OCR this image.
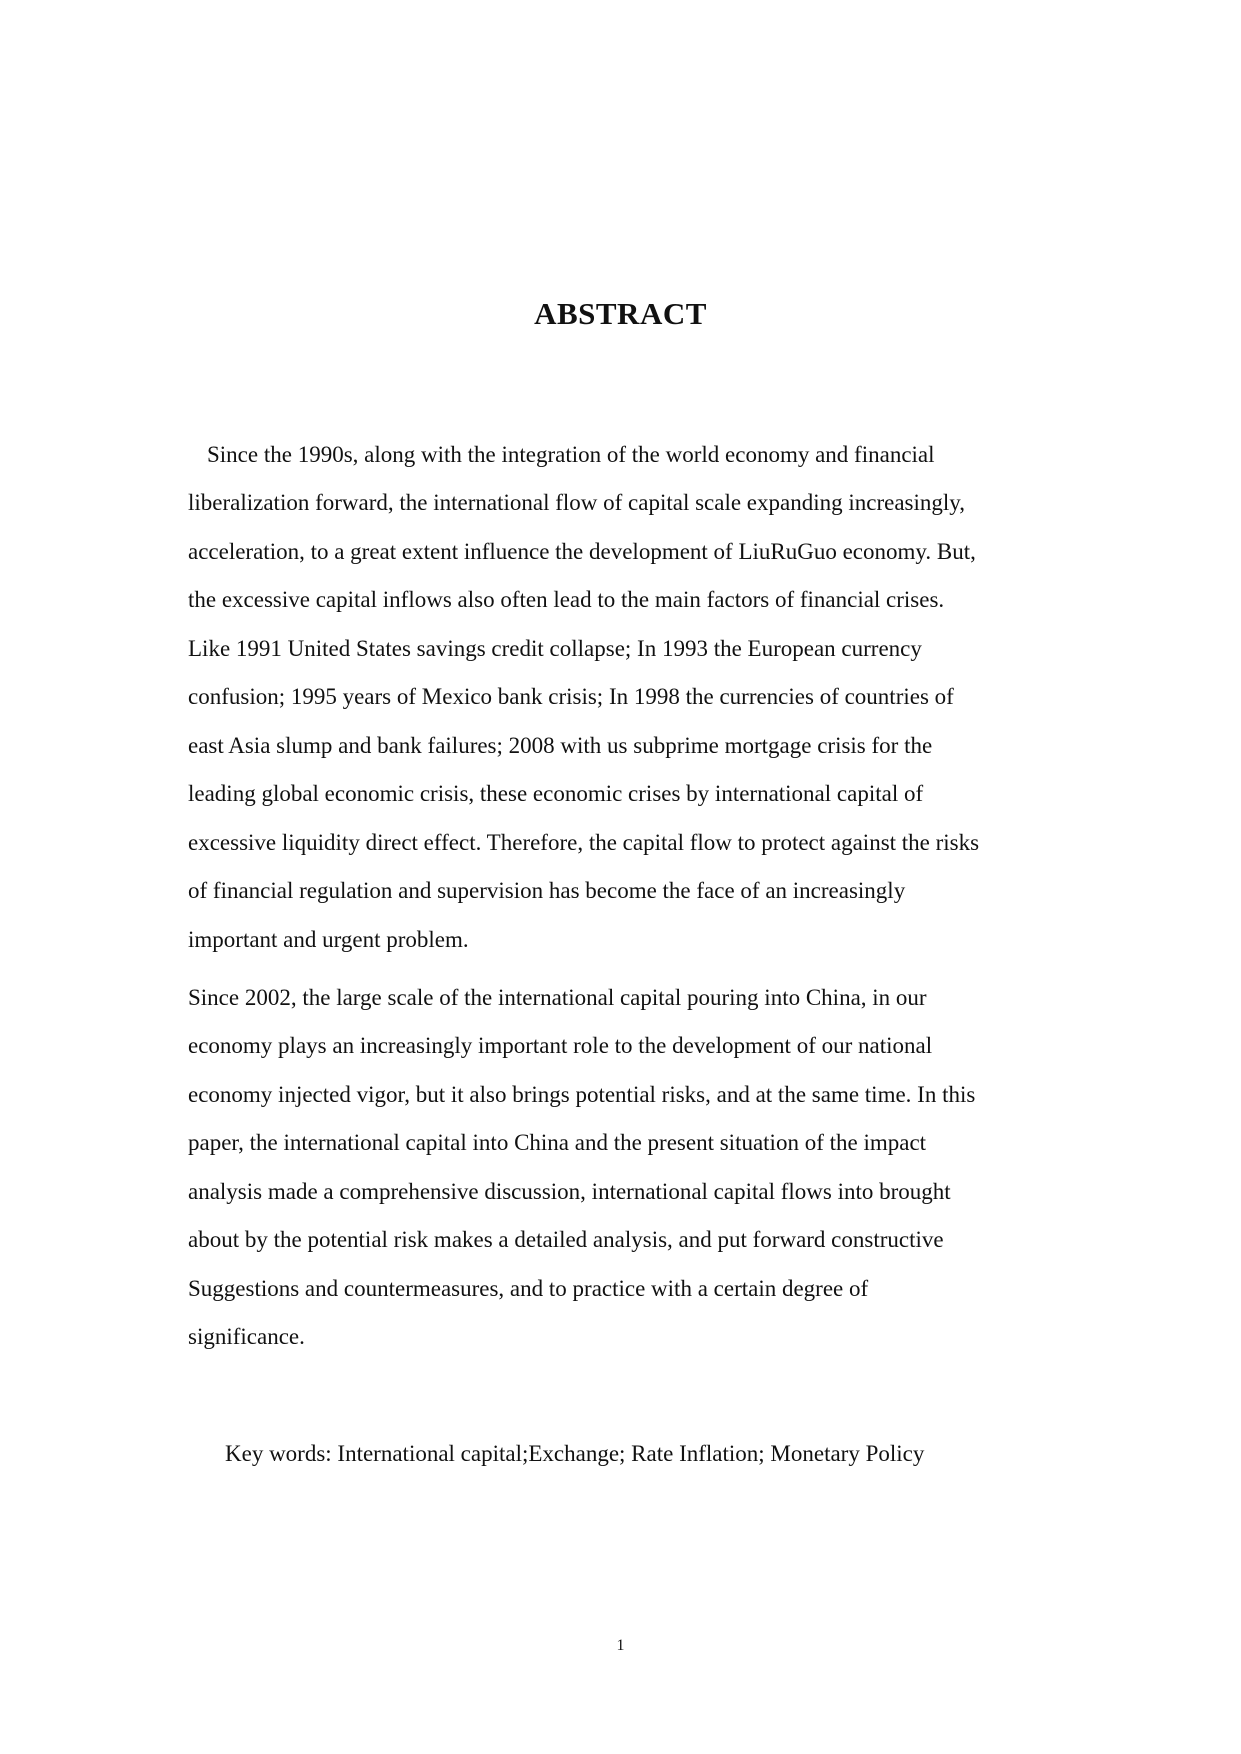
ABSTRACT
Since the 1990s, along with the integration of the world economy and financial
liberalization forward, the international flow of capital scale expanding increasingly,
acceleration, to a great extent influence the development of LiuRuGuo economy. But,
the excessive capital inflows also often lead to the main factors of financial crises.
Like 1991 United States savings credit collapse; In 1993 the European currency
confusion; 1995 years of Mexico bank crisis; In 1998 the currencies of countries of
east Asia slump and bank failures; 2008 with us subprime mortgage crisis for the
leading global economic crisis, these economic crises by international capital of
excessive liquidity direct effect. Therefore, the capital flow to protect against the risks
of financial regulation and supervision has become the face of an increasingly
important and urgent problem.
Since 2002, the large scale of the international capital pouring into China, in our
economy plays an increasingly important role to the development of our national
economy injected vigor, but it also brings potential risks, and at the same time. In this
paper, the international capital into China and the present situation of the impact
analysis made a comprehensive discussion, international capital flows into brought
about by the potential risk makes a detailed analysis, and put forward constructive
Suggestions and countermeasures, and to practice with a certain degree of
significance.
Key words: International capital;Exchange; Rate Inflation; Monetary Policy
1
